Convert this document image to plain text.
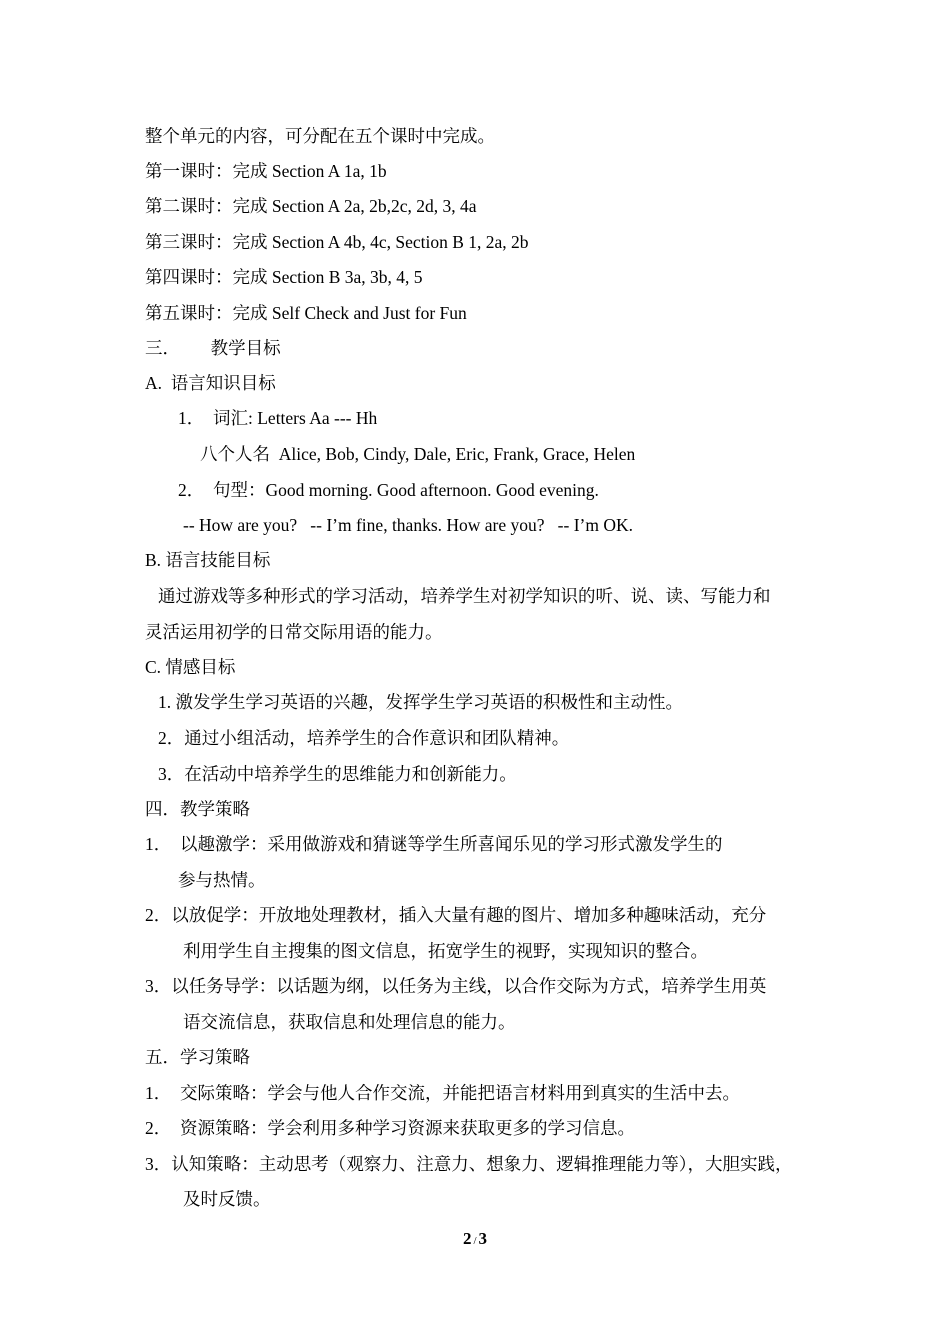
整个单元的内容，可分配在五个课时中完成。
第一课时：完成 Section A 1a, 1b
第二课时：完成 Section A 2a, 2b,2c, 2d, 3, 4a
第三课时：完成 Section A 4b, 4c, Section B 1, 2a, 2b
第四课时：完成 Section B 3a, 3b, 4, 5
第五课时：完成 Self Check and Just for Fun
三．       教学目标
A.  语言知识目标
1．  词汇: Letters Aa --- Hh
八个人名  Alice, Bob, Cindy, Dale, Eric, Frank, Grace, Helen
2．  句型：Good morning. Good afternoon. Good evening.
-- How are you?   -- I’m fine, thanks. How are you?   -- I’m OK.
B. 语言技能目标
通过游戏等多种形式的学习活动，培养学生对初学知识的听、说、读、写能力和
灵活运用初学的日常交际用语的能力。
C. 情感目标
1. 激发学生学习英语的兴趣，发挥学生学习英语的积极性和主动性。
2．通过小组活动，培养学生的合作意识和团队精神。
3．在活动中培养学生的思维能力和创新能力。
四．教学策略
1．  以趣激学：采用做游戏和猜谜等学生所喜闻乐见的学习形式激发学生的
参与热情。
2．以放促学：开放地处理教材，插入大量有趣的图片、增加多种趣味活动，充分
利用学生自主搜集的图文信息，拓宽学生的视野，实现知识的整合。
3．以任务导学：以话题为纲，以任务为主线，以合作交际为方式，培养学生用英
语交流信息，获取信息和处理信息的能力。
五．学习策略
1．  交际策略：学会与他人合作交流，并能把语言材料用到真实的生活中去。
2．  资源策略：学会利用多种学习资源来获取更多的学习信息。
3．认知策略：主动思考（观察力、注意力、想象力、逻辑推理能力等），大胆实践，
及时反馈。
2 / 3
